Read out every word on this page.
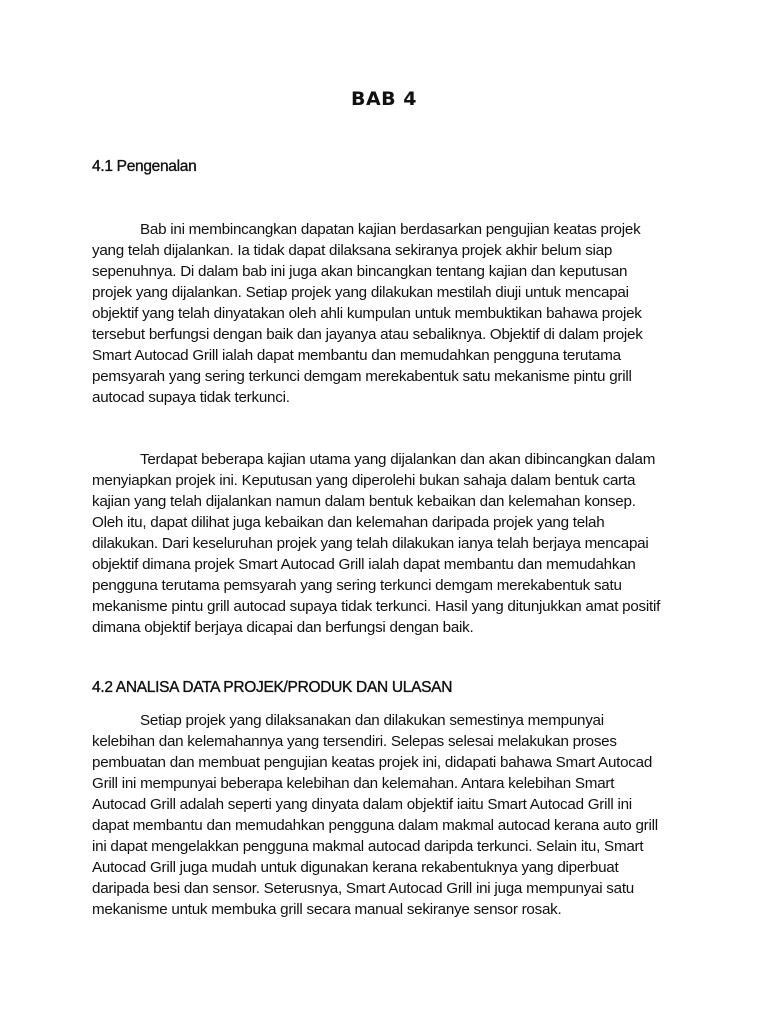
BAB 4
4.1 Pengenalan

Bab ini membincangkan dapatan kajian berdasarkan pengujian keatas projek
yang telah dijalankan. Ia tidak dapat dilaksana sekiranya projek akhir belum siap
sepenuhnya. Di dalam bab ini juga akan bincangkan tentang kajian dan keputusan
projek yang dijalankan. Setiap projek yang dilakukan mestilah diuji untuk mencapai
objektif yang telah dinyatakan oleh ahli kumpulan untuk membuktikan bahawa projek
tersebut berfungsi dengan baik dan jayanya atau sebaliknya. Objektif di dalam projek
Smart Autocad Grill ialah dapat membantu dan memudahkan pengguna terutama
pemsyarah yang sering terkunci demgam merekabentuk satu mekanisme pintu grill
autocad supaya tidak terkunci.

Terdapat beberapa kajian utama yang dijalankan dan akan dibincangkan dalam
menyiapkan projek ini. Keputusan yang diperolehi bukan sahaja dalam bentuk carta
kajian yang telah dijalankan namun dalam bentuk kebaikan dan kelemahan konsep.
Oleh itu, dapat dilihat juga kebaikan dan kelemahan daripada projek yang telah
dilakukan. Dari keseluruhan projek yang telah dilakukan ianya telah berjaya mencapai
objektif dimana projek Smart Autocad Grill ialah dapat membantu dan memudahkan
pengguna terutama pemsyarah yang sering terkunci demgam merekabentuk satu
mekanisme pintu grill autocad supaya tidak terkunci. Hasil yang ditunjukkan amat positif
dimana objektif berjaya dicapai dan berfungsi dengan baik.

4.2 ANALISA DATA PROJEK/PRODUK DAN ULASAN

Setiap projek yang dilaksanakan dan dilakukan semestinya mempunyai
kelebihan dan kelemahannya yang tersendiri. Selepas selesai melakukan proses
pembuatan dan membuat pengujian keatas projek ini, didapati bahawa Smart Autocad
Grill ini mempunyai beberapa kelebihan dan kelemahan. Antara kelebihan Smart
Autocad Grill adalah seperti yang dinyata dalam objektif iaitu Smart Autocad Grill ini
dapat membantu dan memudahkan pengguna dalam makmal autocad kerana auto grill
ini dapat mengelakkan pengguna makmal autocad daripda terkunci. Selain itu, Smart
Autocad Grill juga mudah untuk digunakan kerana rekabentuknya yang diperbuat
daripada besi dan sensor. Seterusnya, Smart Autocad Grill ini juga mempunyai satu
mekanisme untuk membuka grill secara manual sekiranye sensor rosak.
